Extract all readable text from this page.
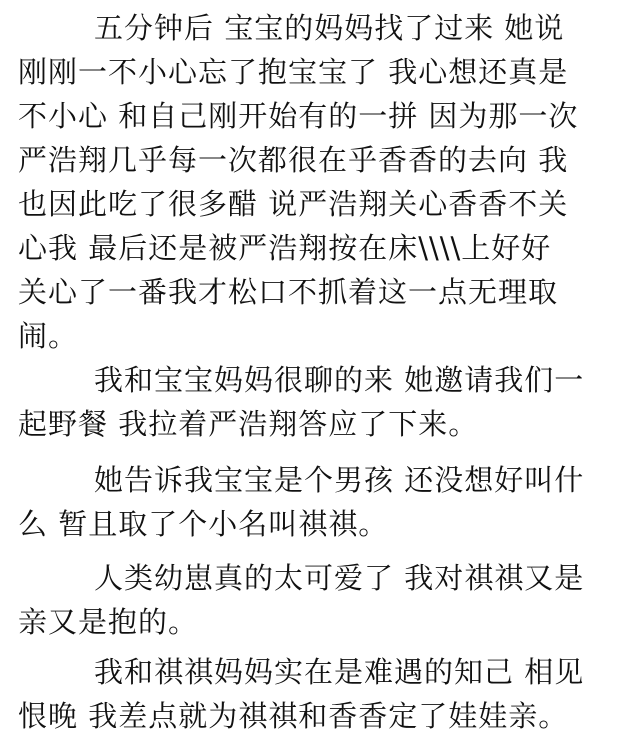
五分钟后 宝宝的妈妈找了过来 她说
刚刚一不小心忘了抱宝宝了 我心想还真是
不小心 和自己刚开始有的一拼 因为那一次
严浩翔几乎每一次都很在乎香香的去向 我
也因此吃了很多醋 说严浩翔关心香香不关
心我 最后还是被严浩翔按在床\\\\上好好
关心了一番我才松口不抓着这一点无理取
闹。
我和宝宝妈妈很聊的来 她邀请我们一
起野餐 我拉着严浩翔答应了下来。
她告诉我宝宝是个男孩 还没想好叫什
么 暂且取了个小名叫祺祺。
人类幼崽真的太可爱了 我对祺祺又是
亲又是抱的。
我和祺祺妈妈实在是难遇的知己 相见
恨晚 我差点就为祺祺和香香定了娃娃亲。
